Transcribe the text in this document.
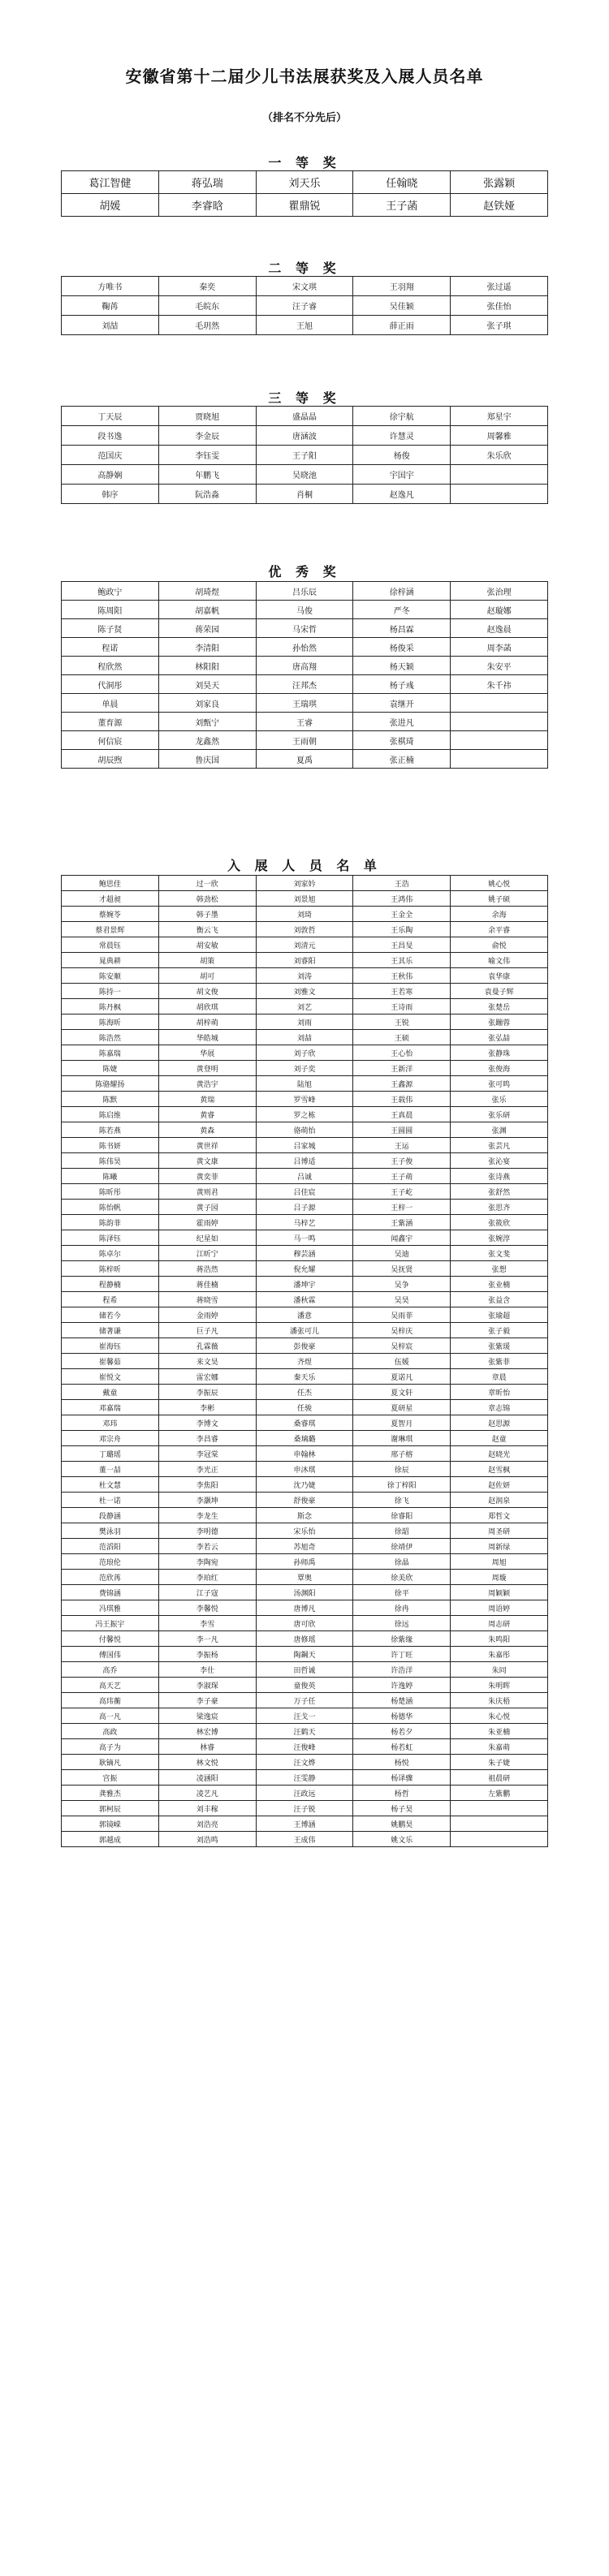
安徽省第十二届少儿书法展获奖及入展人员名单
（排名不分先后）
一 等 奖
葛江智健	蒋弘瑞	刘天乐	任翰晓	张露颖
胡媛	李睿晗	瞿鼎锐	王子菡	赵铁娅
二 等 奖
方唯书	秦奕	宋文琪	王羽翔	张过遥
鞠苒	毛皖东	汪子睿	吴佳颖	张佳怡
刘喆	毛玥然	王旭	薛正雨	张子琪
三 等 奖
丁天辰	贾晓旭	盛晶晶	徐宇航	郑星宇
段书逸	李金辰	唐涵波	许慧灵	周馨雅
范国庆	李钰雯	王子阳	杨俊	朱乐欣
高静娴	年鹏飞	吴晓池	宇国宇	
韩序	阮浩淼	肖桐	赵逸凡	
优 秀 奖
鲍政宁	胡琦煜	吕乐辰	徐梓涵	张治理
陈周阳	胡嘉帆	马俊	严冬	赵璇娜
陈子贤	蒋荣园	马宋哲	杨昌霖	赵逸晨
程诺	李清阳	孙怡然	杨俊采	周李菡
程欣然	林阳阳	唐高翔	杨天颖	朱安平
代洞彤	刘昊天	汪邦杰	杨子彧	朱千祎
单晨	刘家良	王瑞琪	袁继开	
董育源	刘甄宁	王睿	张进凡	
何信宸	龙鑫然	王雨朝	张棋琦	
胡辰煦	鲁庆国	夏禹	张正楠	
入 展 人 员 名 单
鲍思佳	过一欣	刘家妗	王浩	姚心悦
才超昶	韩劲松	刘景旭	王鸿伟	姚子硕
蔡婉苓	韩子墨	刘琦	王金全	余海
蔡君景辉	衡云飞	刘敦哲	王乐陶	余平睿
常晨钰	胡安敏	刘清元	王昌旻	俞悦
晁典耕	胡策	刘睿阳	王其乐	喻文伟
陈安顺	胡可	刘涛	王秋伟	袁华康
陈持一	胡文俊	刘雅文	王若寒	袁曼子辉
陈丹枫	胡欣琪	刘艺	王诗雨	张楚岳
陈海昕	胡梓萌	刘雨	王锐	张蹦蓉
陈浩然	华皓城	刘喆	王硕	张弘喆
陈嘉瑞	华展	刘子欣	王心怡	张静珠
陈婕	黄登明	刘子奕	王新洋	张俊海
陈骆耀扬	黄浩宇	陆旭	王鑫源	张可鸣
陈默	黄瑞	罗雪峰	王载伟	张乐
陈启维	黄睿	罗之栋	王真晨	张乐研
陈若燕	黄森	骆萌怡	王圆圆	张渊
陈书妍	黄世祥	吕家城	王运	张芸凡
陈伟昊	黄文康	吕博适	王子俊	张沁宴
陈曦	黄奕菲	吕诚	王子萌	张诗燕
陈昕彤	黄则君	吕佳宸	王子屹	张舒然
陈怡帆	黄子园	吕子源	王梓一	张思齐
陈韵菲	霍雨婷	马梓艺	王紫涵	张筱欣
陈泽钰	纪星如	马一鸣	闻鑫宇	张婉淳
陈卓尔	江昕宁	穆芸涵	吴迪	张文斐
陈梓昕	蒋浩然	倪允耀	吴抚贤	张想
程静楠	蒋佳楠	潘坤宇	吴争	张业楠
程希	蒋晓雪	潘秋霖	吴昊	张益含
储若今	金雨婷	潘意	吴雨菲	张瑜超
储著谦	巨子凡	潘张可儿	吴梓庆	张子毅
崔海钰	孔霖薇	彭俊豪	吴梓宸	张紫瑗
崔馨茹	来文昊	齐煜	伍媛	张紫菲
崔悦文	雷宏娜	秦天乐	夏诺凡	章晨
戴童	李振辰	任杰	夏文轩	章昕怡
邓嘉瑞	李彬	任骏	夏研星	章志锦
邓玮	李博文	桑睿琪	夏智月	赵思源
邓宗舟	李昌睿	桑璃璐	谢琳琪	赵童
丁璐瑶	李冠棠	申翰林	邢子榕	赵晓光
董一喆	李光正	申沐琪	徐辰	赵雪枫
杜文慧	李焦阳	沈乃婕	徐丁梓阳	赵佐妍
杜一诺	李灏坤	舒俊豪	徐飞	赵润泉
段静涵	李龙生	斯念	徐睿阳	郑哲文
樊泳羽	李明德	宋乐怡	徐韶	周圣研
范滔阳	李若云	苏旭奇	徐靖伊	周新绿
范琅伦	李陶宛	孙师禹	徐晶	周旭
范欣苒	李珀红	覃奥	徐美欣	周璇
费锦涵	江子寇	汤渊阳	徐平	周颖颖
冯琪雅	李馨悦	唐博凡	徐冉	周语婷
冯王振宇	李雪	唐可欣	徐远	周志研
付馨悦	李一凡	唐修瑶	徐紫缘	朱鸣阳
傅国伟	李振杨	陶鋼天	许丁旺	朱嘉彤
高乔	李仕	田哲诚	许浩洋	朱同
高天艺	李淑琛	童俊英	许逸婷	朱明晖
高玮蘅	李子豪	万子任	杨楚涵	朱庆梧
高一凡	梁逸宸	汪戈一	杨德华	朱心悦
高政	林宏博	汪鹤天	杨若夕	朱亚楠
高子为	林睿	汪俊峰	杨若虹	朱嘉萌
耿镝凡	林文悦	汪文烨	杨悦	朱子婕
宫振	凌涵阳	汪雯静	杨译骤	祖晨研
龚雅杰	凌艺凡	汪政远	杨哲	左紫鹏
郭柯辰	刘丰稼	汪子锐	杨子昊	
郭镜嵘	刘浩亮	王博涵	姚鹏昊	
郭越成	刘浩鸣	王成伟	姚文乐	
